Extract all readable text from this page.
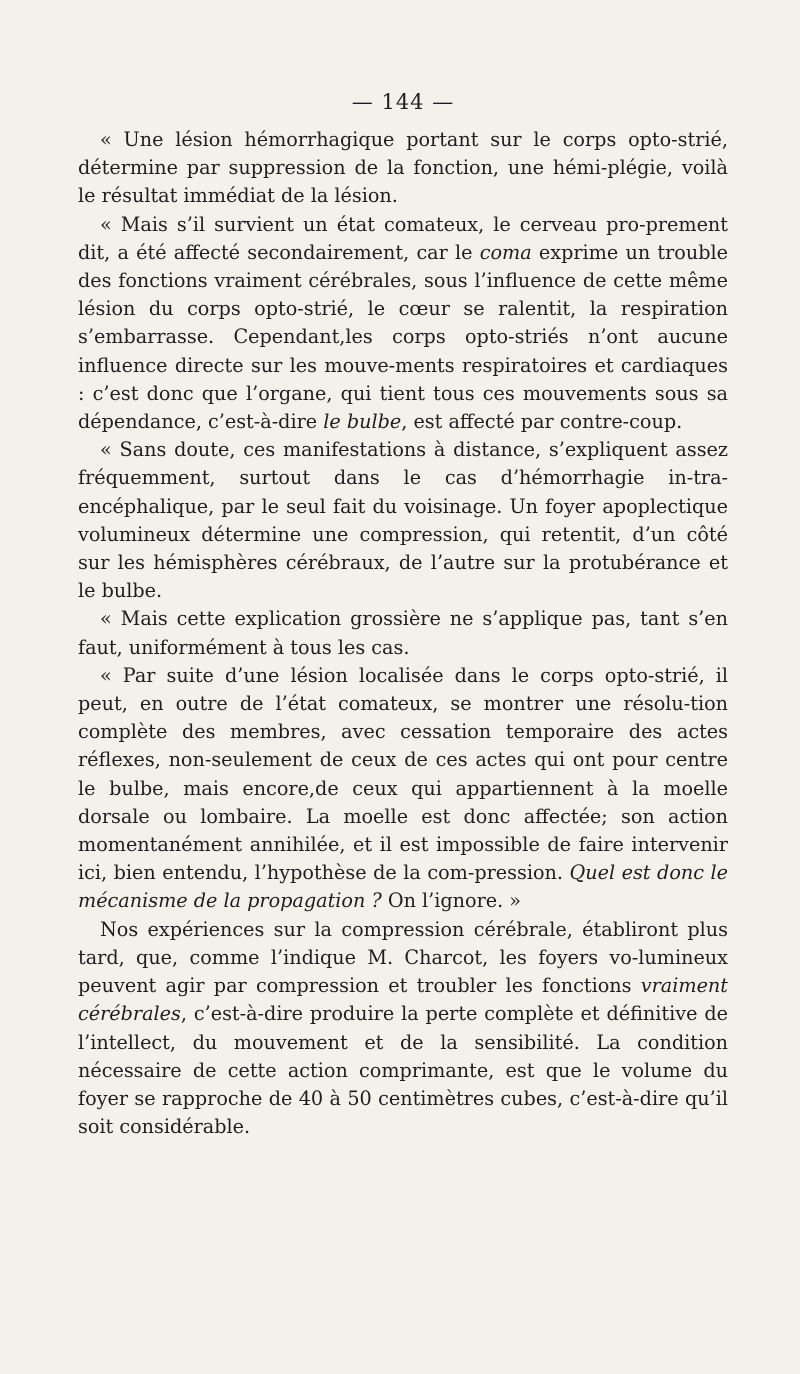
— 144 —

« Une lésion hémorrhagique portant sur le corps opto-strié, détermine par suppression de la fonction, une hémi-plégie, voilà le résultat immédiat de la lésion.

« Mais s’il survient un état comateux, le cerveau pro-prement dit, a été affecté secondairement, car le coma exprime un trouble des fonctions vraiment cérébrales, sous l’influence de cette même lésion du corps opto-strié, le cœur se ralentit, la respiration s’embarrasse. Cependant,les corps opto-striés n’ont aucune influence directe sur les mouve-ments respiratoires et cardiaques : c’est donc que l’organe, qui tient tous ces mouvements sous sa dépendance, c’est-à-dire le bulbe, est affecté par contre-coup.

« Sans doute, ces manifestations à distance, s’expliquent assez fréquemment, surtout dans le cas d’hémorrhagie in-tra-encéphalique, par le seul fait du voisinage. Un foyer apoplectique volumineux détermine une compression, qui retentit, d’un côté sur les hémisphères cérébraux, de l’autre sur la protubérance et le bulbe.

« Mais cette explication grossière ne s’applique pas, tant s’en faut, uniformément à tous les cas.

« Par suite d’une lésion localisée dans le corps opto-strié, il peut, en outre de l’état comateux, se montrer une résolu-tion complète des membres, avec cessation temporaire des actes réflexes, non-seulement de ceux de ces actes qui ont pour centre le bulbe, mais encore,de ceux qui appartiennent à la moelle dorsale ou lombaire. La moelle est donc affectée; son action momentanément annihilée, et il est impossible de faire intervenir ici, bien entendu, l’hypothèse de la com-pression. Quel est donc le mécanisme de la propagation ? On l’ignore. »

Nos expériences sur la compression cérébrale, établiront plus tard, que, comme l’indique M. Charcot, les foyers vo-lumineux peuvent agir par compression et troubler les fonctions vraiment cérébrales, c’est-à-dire produire la perte complète et définitive de l’intellect, du mouvement et de la sensibilité. La condition nécessaire de cette action comprimante, est que le volume du foyer se rapproche de 40 à 50 centimètres cubes, c’est-à-dire qu’il soit considérable.
